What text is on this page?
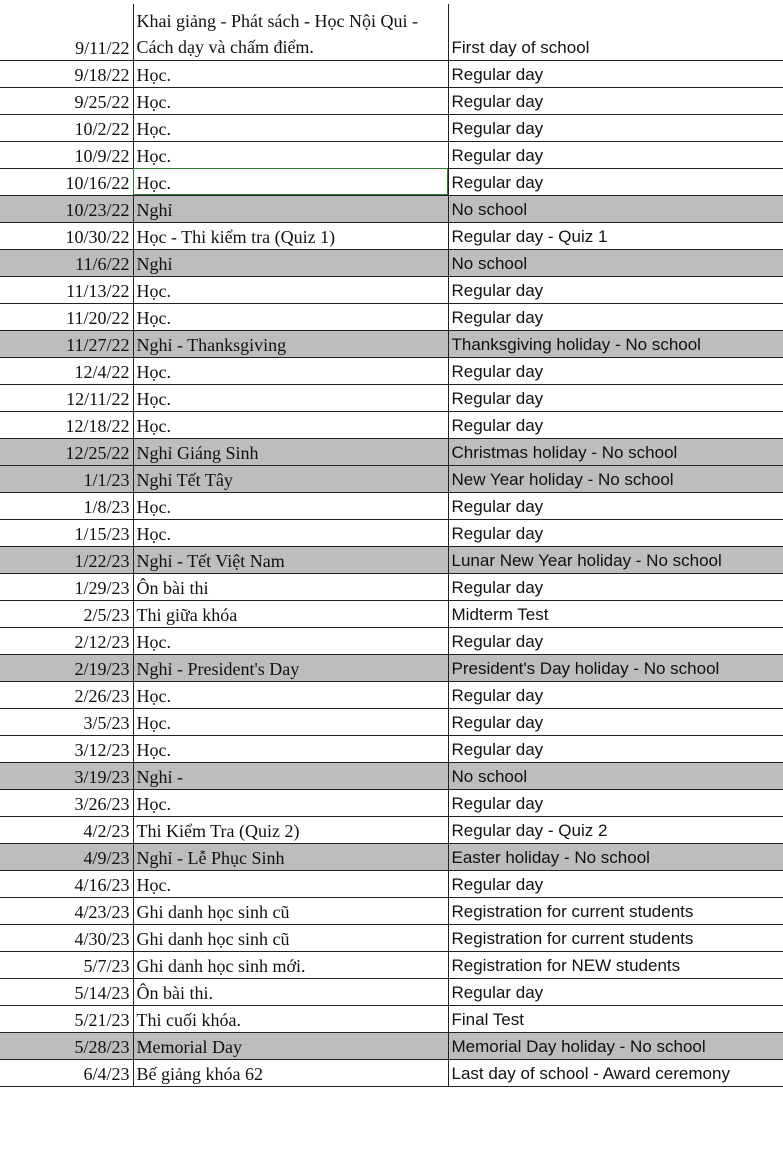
9/11/22	Khai giảng - Phát sách - Học Nội Qui - Cách dạy và chấm điểm.	First day of school
9/18/22	Học.	Regular day
9/25/22	Học.	Regular day
10/2/22	Học.	Regular day
10/9/22	Học.	Regular day
10/16/22	Học.	Regular day
10/23/22	Nghỉ	No school
10/30/22	Học - Thi kiểm tra (Quiz 1)	Regular day - Quiz 1
11/6/22	Nghỉ	No school
11/13/22	Học.	Regular day
11/20/22	Học.	Regular day
11/27/22	Nghỉ - Thanksgiving	Thanksgiving holiday - No school
12/4/22	Học.	Regular day
12/11/22	Học.	Regular day
12/18/22	Học.	Regular day
12/25/22	Nghỉ Giáng Sinh	Christmas holiday - No school
1/1/23	Nghỉ Tết Tây	New Year holiday - No school
1/8/23	Học.	Regular day
1/15/23	Học.	Regular day
1/22/23	Nghỉ - Tết Việt Nam	Lunar New Year holiday - No school
1/29/23	Ôn bài thi	Regular day
2/5/23	Thi giữa khóa	Midterm Test
2/12/23	Học.	Regular day
2/19/23	Nghỉ - President's Day	President's Day holiday - No school
2/26/23	Học.	Regular day
3/5/23	Học.	Regular day
3/12/23	Học.	Regular day
3/19/23	Nghỉ -	No school
3/26/23	Học.	Regular day
4/2/23	Thi Kiểm Tra (Quiz 2)	Regular day - Quiz 2
4/9/23	Nghỉ - Lễ Phục Sinh	Easter holiday - No school
4/16/23	Học.	Regular day
4/23/23	Ghi danh học sinh cũ	Registration for current students
4/30/23	Ghi danh học sinh cũ	Registration for current students
5/7/23	Ghi danh học sinh mới.	Registration for NEW students
5/14/23	Ôn bài thi.	Regular day
5/21/23	Thi cuối khóa.	Final Test
5/28/23	Memorial Day	Memorial Day holiday - No school
6/4/23	Bế giảng khóa 62	Last day of school - Award ceremony
